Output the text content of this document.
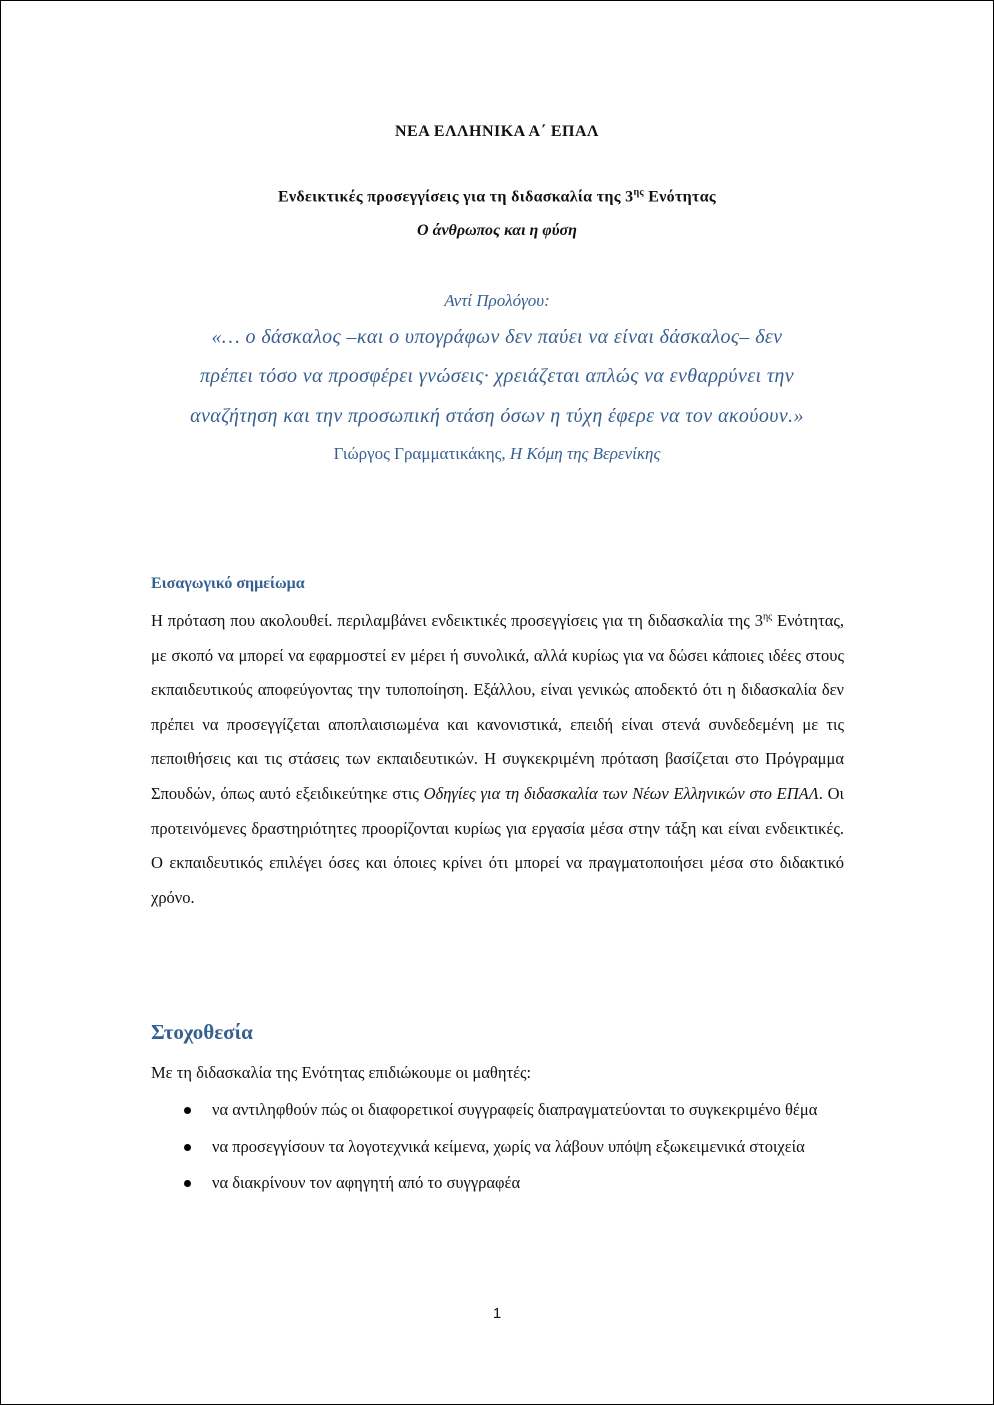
ΝΕΑ ΕΛΛΗΝΙΚΑ Α΄ ΕΠΑΛ
Ενδεικτικές προσεγγίσεις για τη διδασκαλία της $3^{\eta\varsigma}$ Ενότητας
Ο άνθρωπος και η φύση
Αντί Προλόγου:
«… ο δάσκαλος –και ο υπογράφων δεν παύει να είναι δάσκαλος– δεν
πρέπει τόσο να προσφέρει γνώσεις· χρειάζεται απλώς να ενθαρρύνει την
αναζήτηση και την προσωπική στάση όσων η τύχη έφερε να τον ακούουν.»
Γιώργος Γραμματικάκης, Η Κόμη της Βερενίκης
Εισαγωγικό σημείωμα
Η πρόταση που ακολουθεί. περιλαμβάνει ενδεικτικές προσεγγίσεις για τη διδασκαλία της $3^{\eta\varsigma}$ Ενότητας, με σκοπό να μπορεί να εφαρμοστεί εν μέρει ή συνολικά, αλλά κυρίως για να δώσει κάποιες ιδέες στους εκπαιδευτικούς αποφεύγοντας την τυποποίηση. Εξάλλου, είναι γενικώς αποδεκτό ότι η διδασκαλία δεν πρέπει να προσεγγίζεται αποπλαισιωμένα και κανονιστικά, επειδή είναι στενά συνδεδεμένη με τις πεποιθήσεις και τις στάσεις των εκπαιδευτικών. Η συγκεκριμένη πρόταση βασίζεται στο Πρόγραμμα Σπουδών, όπως αυτό εξειδικεύτηκε στις Οδηγίες για τη διδασκαλία των Νέων Ελληνικών στο ΕΠΑΛ. Οι προτεινόμενες δραστηριότητες προορίζονται κυρίως για εργασία μέσα στην τάξη και είναι ενδεικτικές. Ο εκπαιδευτικός επιλέγει όσες και όποιες κρίνει ότι μπορεί να πραγματοποιήσει μέσα στο διδακτικό χρόνο.
Στοχοθεσία
Με τη διδασκαλία της Ενότητας επιδιώκουμε οι μαθητές:
να αντιληφθούν πώς οι διαφορετικοί συγγραφείς διαπραγματεύονται το συγκεκριμένο θέμα
να προσεγγίσουν τα λογοτεχνικά κείμενα, χωρίς να λάβουν υπόψη εξωκειμενικά στοιχεία
να διακρίνουν τον αφηγητή από το συγγραφέα
1
